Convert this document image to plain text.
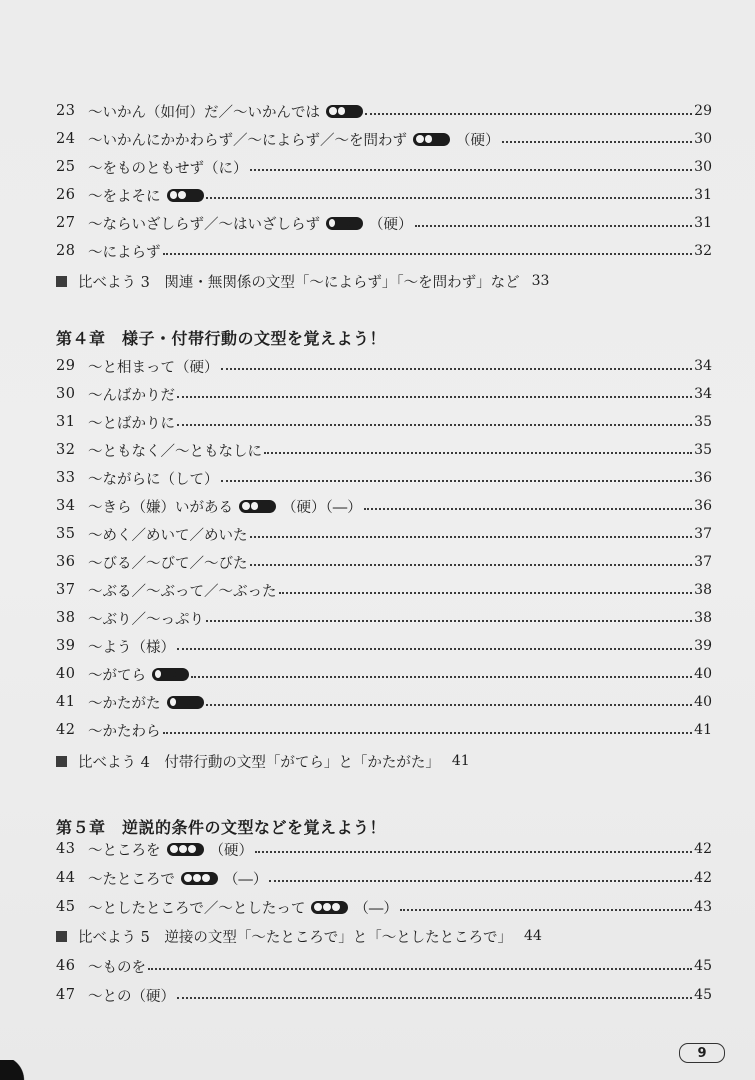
23 ～いかん（如何）だ／～いかんでは	29
24 ～いかんにかかわらず／～によらず／～を問わず	（硬）	30
25 ～をものともせず（に）	30
26 ～をよそに	31
27 ～ならいざしらず／～はいざしらず	（硬）	31
28 ～によらず	32
比べよう 3　関連・無関係の文型「～によらず」「～を問わず」など 33
第４章　様子・付帯行動の文型を覚えよう！
29 ～と相まって（硬）	34
30 ～んばかりだ	34
31 ～とばかりに	35
32 ～ともなく／～ともなしに	35
33 ～ながらに（して）	36
34 ～きら（嫌）いがある	（硬）（―）	36
35 ～めく／めいて／めいた	37
36 ～びる／～びて／～びた	37
37 ～ぶる／～ぶって／～ぶった	38
38 ～ぶり／～っぷり	38
39 ～よう（様）	39
40 ～がてら	40
41 ～かたがた	40
42 ～かたわら	41
比べよう 4　付帯行動の文型「がてら」と「かたがた」 41
第５章　逆説的条件の文型などを覚えよう！
43 ～ところを	（硬）	42
44 ～たところで	（―）	42
45 ～としたところで／～としたって	（―）	43
比べよう 5　逆接の文型「～たところで」と「～としたところで」 44
46 ～ものを	45
47 ～との（硬）	45
9
